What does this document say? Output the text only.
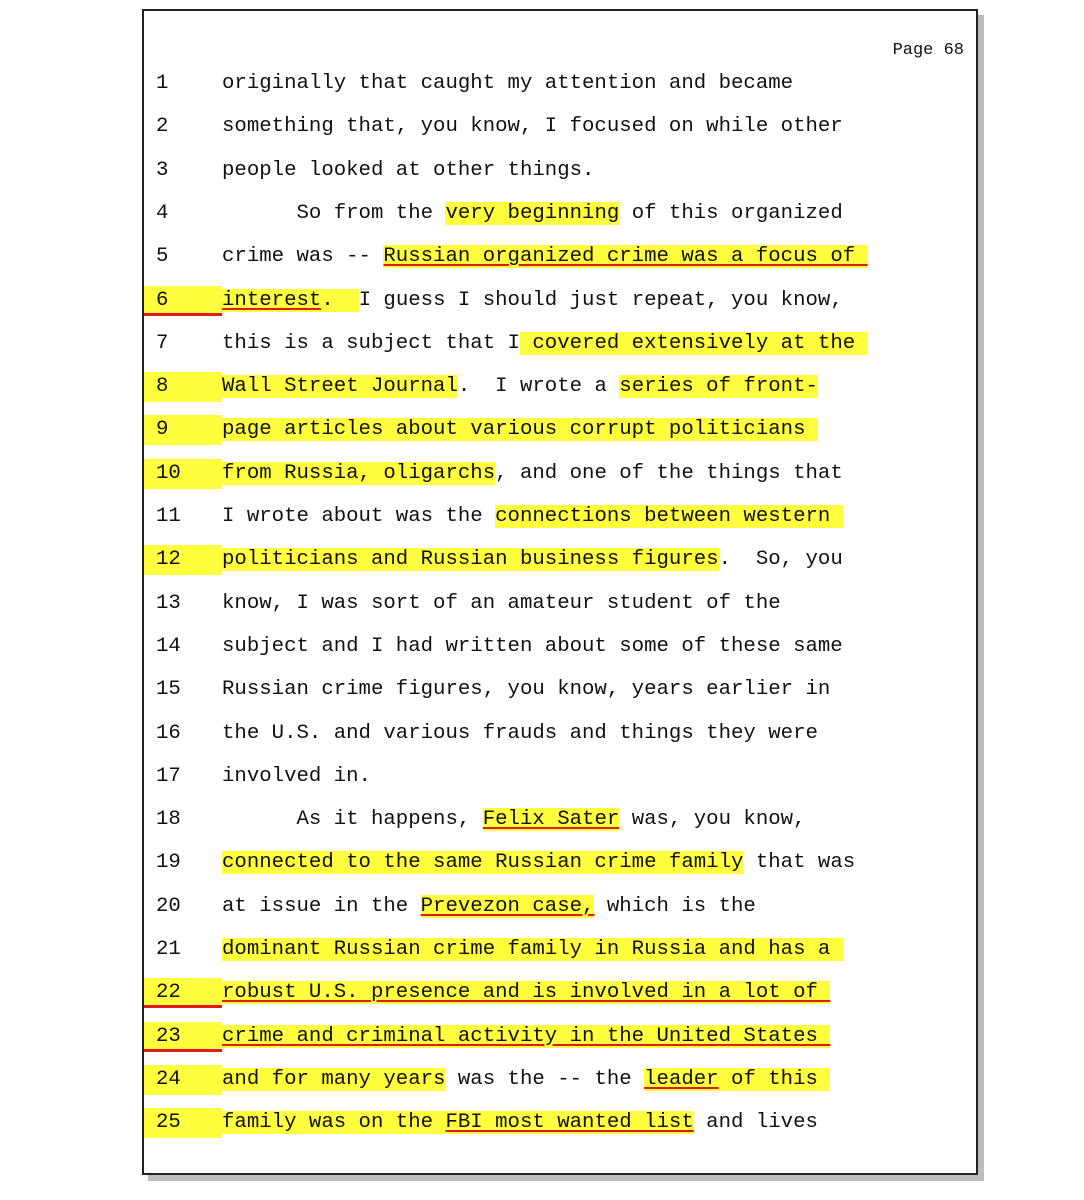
Page 68
1	originally that caught my attention and became
2	something that, you know, I focused on while other
3	people looked at other things.
4	So from the very beginning of this organized
5	crime was -- Russian organized crime was a focus of
6	interest.  I guess I should just repeat, you know,
7	this is a subject that I covered extensively at the
8	Wall Street Journal.  I wrote a series of front-
9	page articles about various corrupt politicians
10	from Russia, oligarchs, and one of the things that
11	I wrote about was the connections between western
12	politicians and Russian business figures.  So, you
13	know, I was sort of an amateur student of the
14	subject and I had written about some of these same
15	Russian crime figures, you know, years earlier in
16	the U.S. and various frauds and things they were
17	involved in.
18	As it happens, Felix Sater was, you know,
19	connected to the same Russian crime family that was
20	at issue in the Prevezon case, which is the
21	dominant Russian crime family in Russia and has a
22	robust U.S. presence and is involved in a lot of
23	crime and criminal activity in the United States
24	and for many years was the -- the leader of this
25	family was on the FBI most wanted list and lives
